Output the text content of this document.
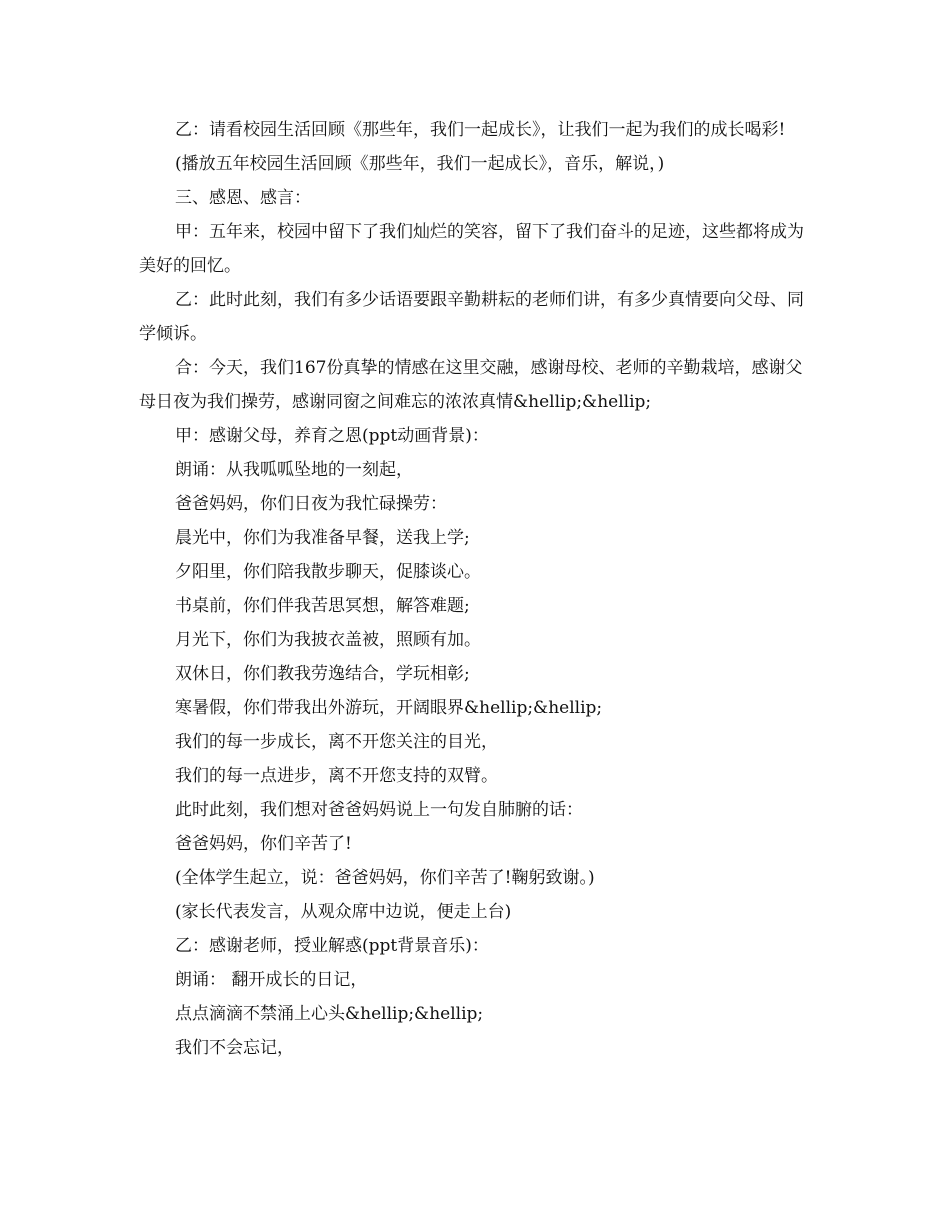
乙：请看校园生活回顾《那些年，我们一起成长》，让我们一起为我们的成长喝彩!

(播放五年校园生活回顾《那些年，我们一起成长》，音乐，解说，)

三、感恩、感言：

甲：五年来，校园中留下了我们灿烂的笑容，留下了我们奋斗的足迹，这些都将成为美好的回忆。

乙：此时此刻，我们有多少话语要跟辛勤耕耘的老师们讲，有多少真情要向父母、同学倾诉。

合：今天，我们167份真挚的情感在这里交融，感谢母校、老师的辛勤栽培，感谢父母日夜为我们操劳，感谢同窗之间难忘的浓浓真情&hellip;&hellip;

甲：感谢父母，养育之恩(ppt动画背景)：

朗诵：从我呱呱坠地的一刻起，

爸爸妈妈，你们日夜为我忙碌操劳：

晨光中，你们为我准备早餐，送我上学;

夕阳里，你们陪我散步聊天，促膝谈心。

书桌前，你们伴我苦思冥想，解答难题;

月光下，你们为我披衣盖被，照顾有加。

双休日，你们教我劳逸结合，学玩相彰;

寒暑假，你们带我出外游玩，开阔眼界&hellip;&hellip;

我们的每一步成长，离不开您关注的目光，

我们的每一点进步，离不开您支持的双臂。

此时此刻，我们想对爸爸妈妈说上一句发自肺腑的话：

爸爸妈妈，你们辛苦了!

(全体学生起立，说：爸爸妈妈，你们辛苦了!鞠躬致谢。)

(家长代表发言，从观众席中边说，便走上台)

乙：感谢老师，授业解惑(ppt背景音乐)：

朗诵： 翻开成长的日记，

点点滴滴不禁涌上心头&hellip;&hellip;

我们不会忘记，
